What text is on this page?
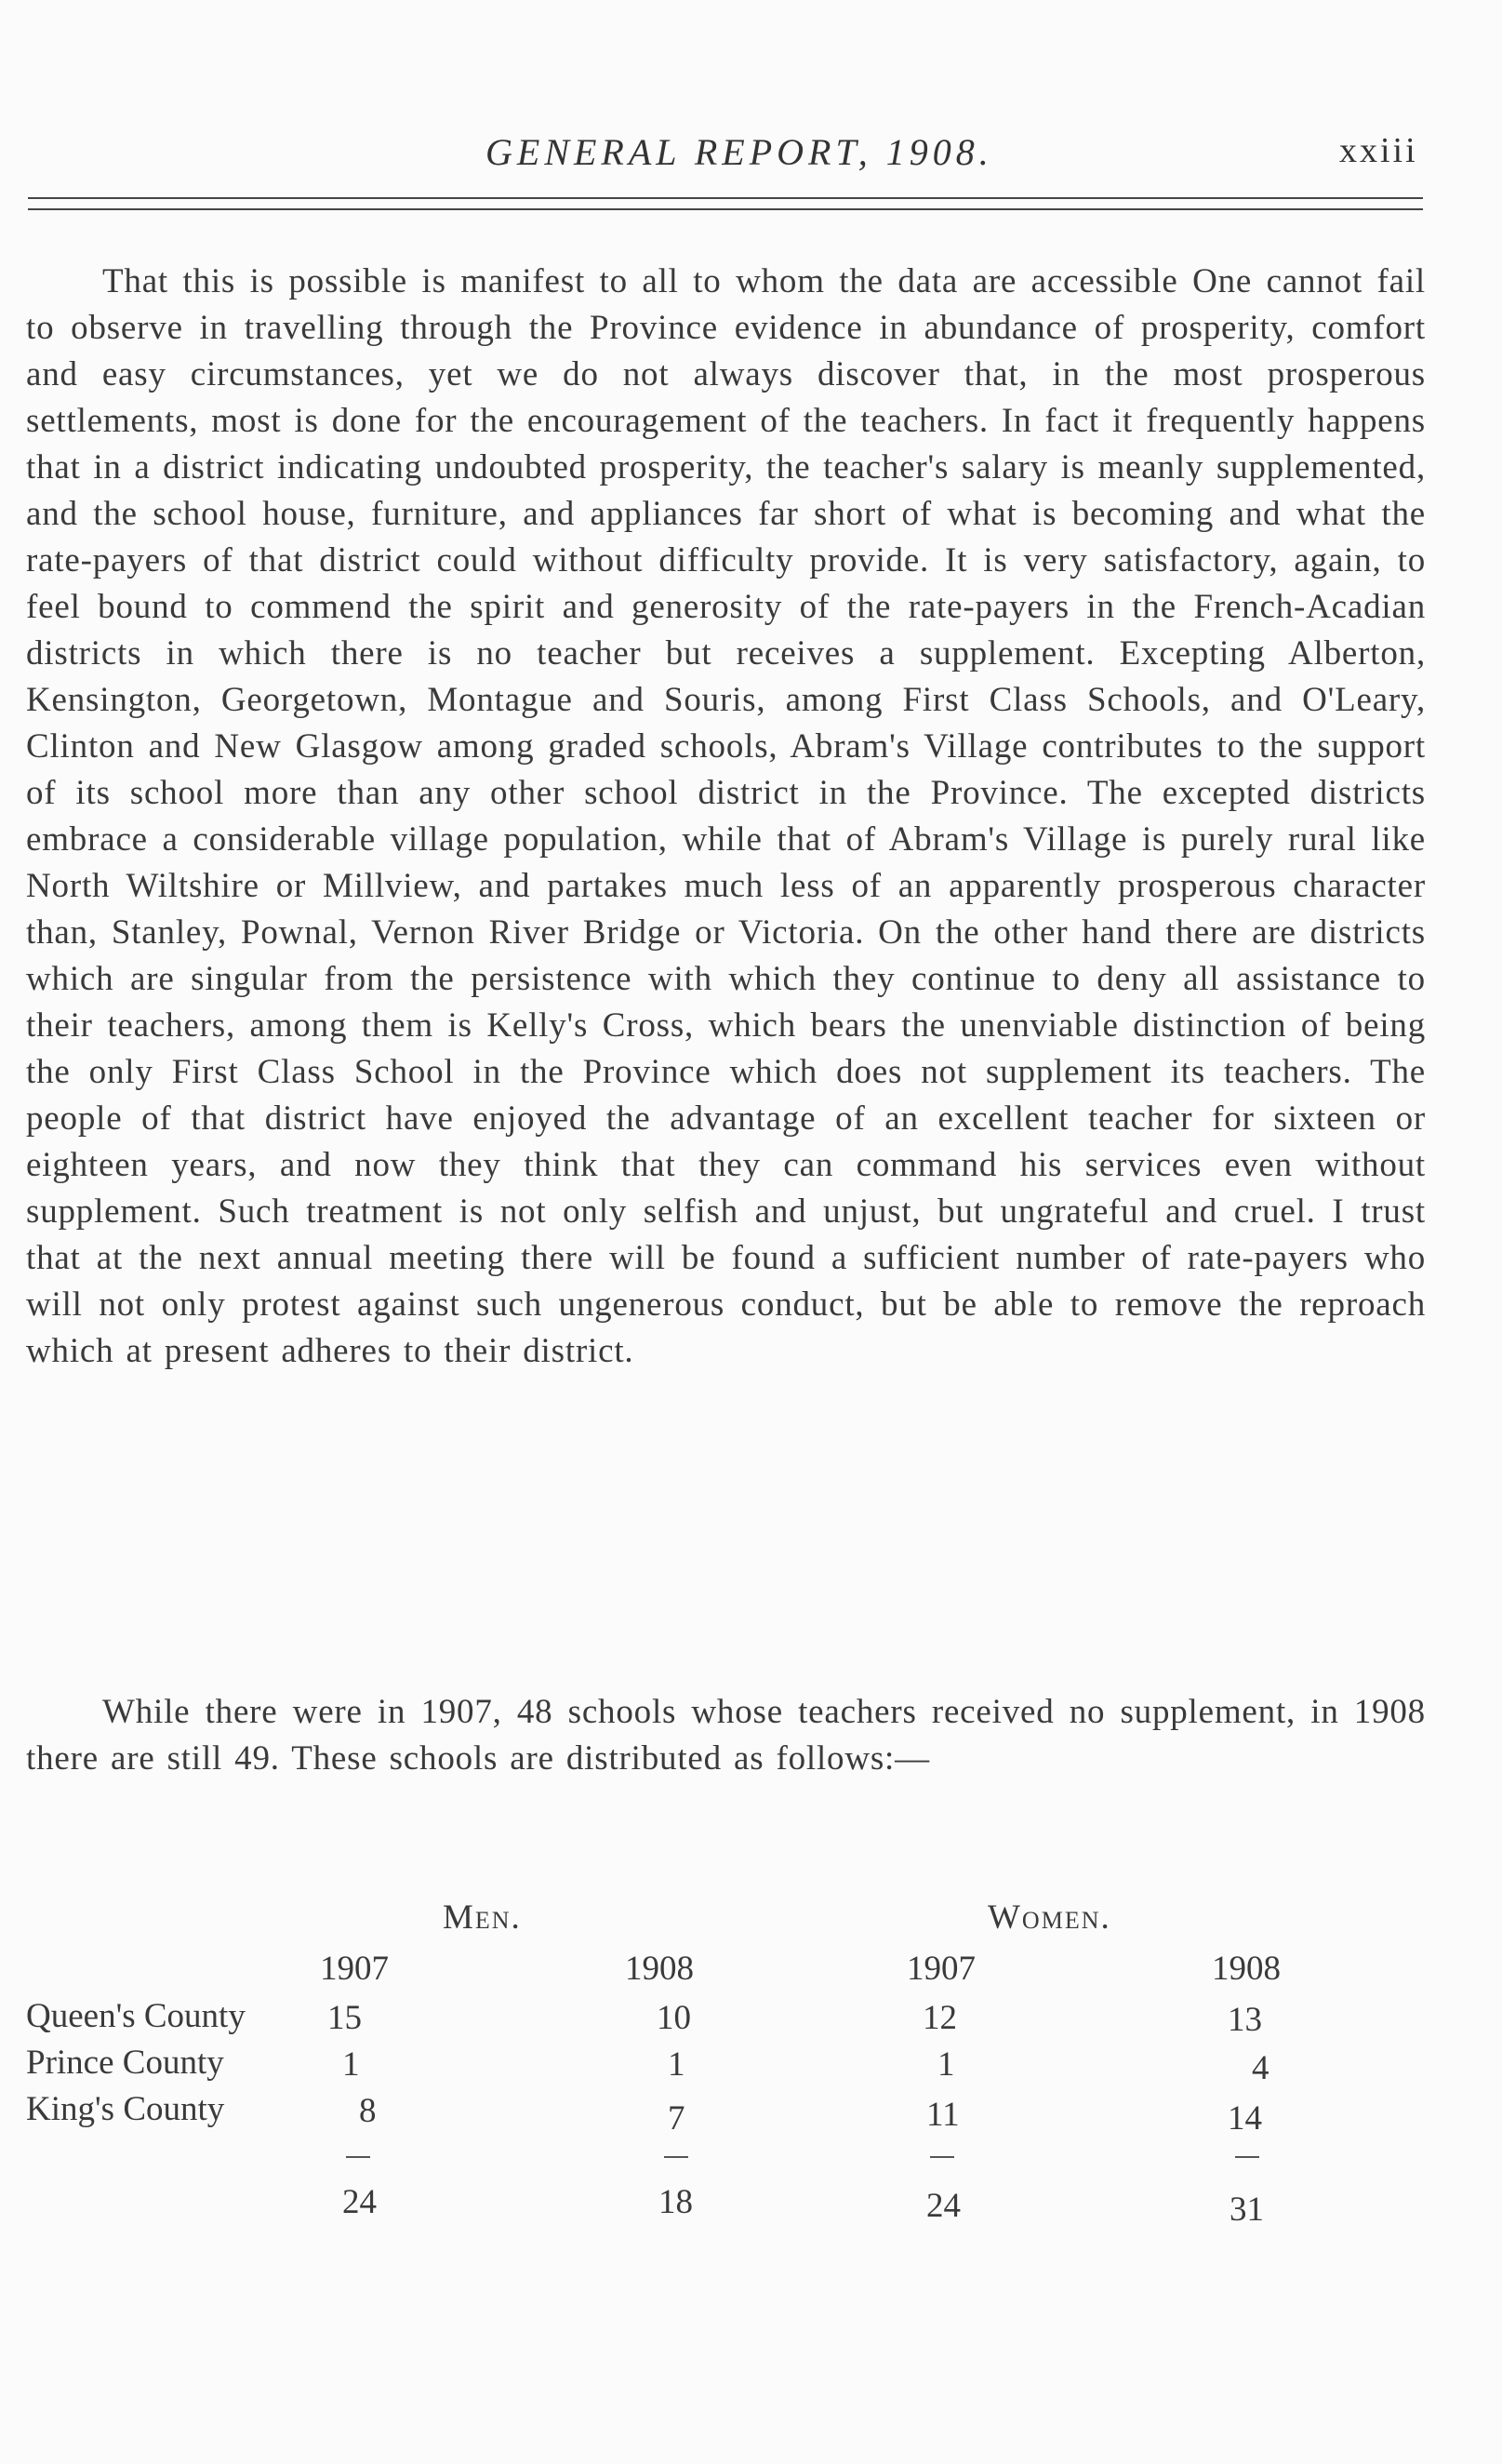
GENERAL REPORT, 1908.	xxiii

That this is possible is manifest to all to whom the data are accessible One cannot fail to observe in travelling through the Province evidence in abundance of prosperity, comfort and easy circumstances, yet we do not always discover that, in the most prosperous settlements, most is done for the encouragement of the teachers. In fact it frequently happens that in a district indicating undoubted prosperity, the teacher's salary is meanly supplemented, and the school house, furniture, and appliances far short of what is becoming and what the rate-payers of that district could without difficulty provide. It is very satisfactory, again, to feel bound to commend the spirit and generosity of the rate-payers in the French-Acadian districts in which there is no teacher but receives a supplement. Excepting Alberton, Kensington, Georgetown, Montague and Souris, among First Class Schools, and O'Leary, Clinton and New Glasgow among graded schools, Abram's Village contributes to the support of its school more than any other school district in the Province. The excepted districts embrace a considerable village population, while that of Abram's Village is purely rural like North Wiltshire or Millview, and partakes much less of an apparently prosperous character than, Stanley, Pownal, Vernon River Bridge or Victoria. On the other hand there are districts which are singular from the persistence with which they continue to deny all assistance to their teachers, among them is Kelly's Cross, which bears the unenviable distinction of being the only First Class School in the Province which does not supplement its teachers. The people of that district have enjoyed the advantage of an excellent teacher for sixteen or eighteen years, and now they think that they can command his services even without supplement. Such treatment is not only selfish and unjust, but ungrateful and cruel. I trust that at the next annual meeting there will be found a sufficient number of rate-payers who will not only protest against such ungenerous conduct, but be able to remove the reproach which at present adheres to their district.

While there were in 1907, 48 schools whose teachers received no supplement, in 1908 there are still 49. These schools are distributed as follows:—

Men.	Women.
1907	1908	1907	1908
Queen's County 15	10	12	13
Prince County	1	1	1	4
King's County	8	7	11	14
24	18	24	31
